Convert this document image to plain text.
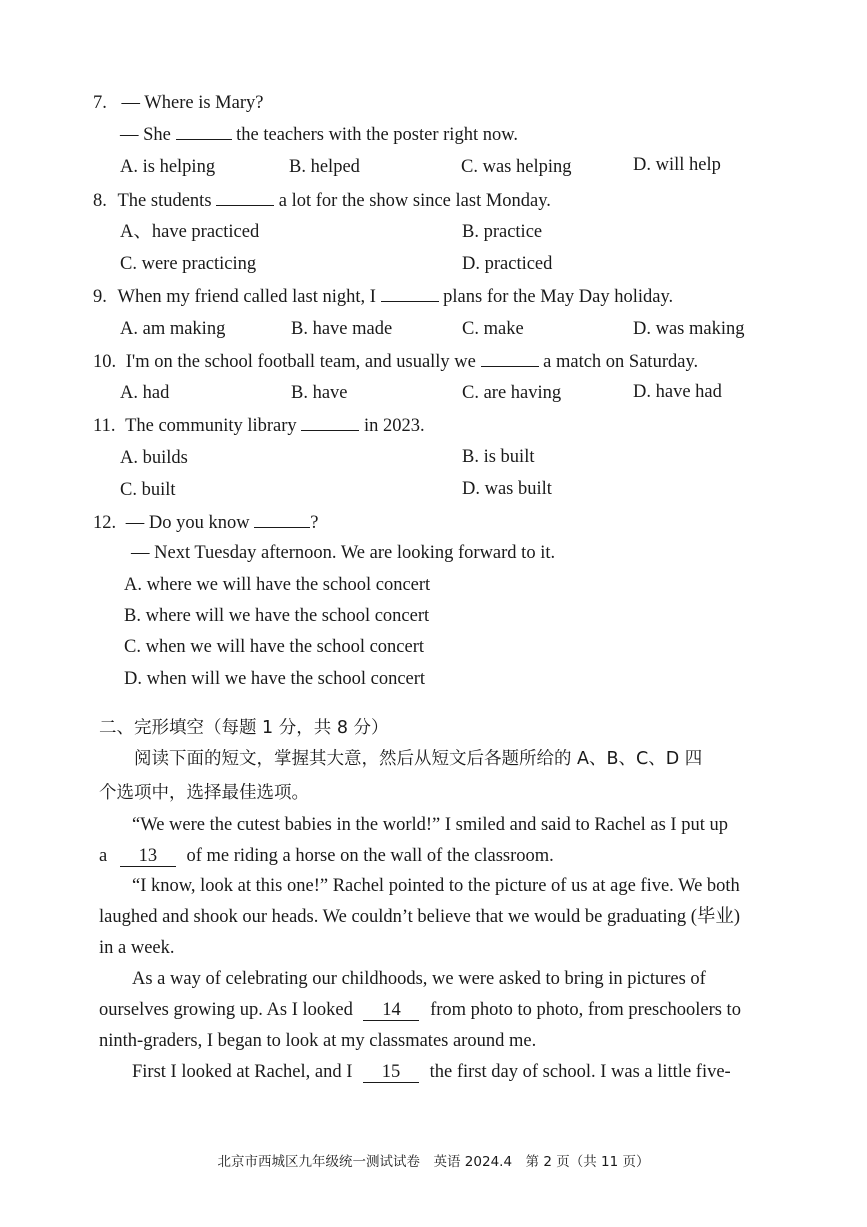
7. — Where is Mary?
— She	the teachers with the poster right now.
A. is helping	B. helped	C. was helping	D. will help
8. The students	a lot for the show since last Monday.
A、have practiced	B. practice
C. were practicing	D. practiced
9. When my friend called last night, I	plans for the May Day holiday.
A. am making	B. have made	C. make	D. was making
10. I'm on the school football team, and usually we	a match on Saturday.
A. had	B. have	C. are having	D. have had
11. The community library	in 2023.
A. builds	B. is built
C. built	D. was built
12. — Do you know	?
— Next Tuesday afternoon. We are looking forward to it.
A. where we will have the school concert
B. where will we have the school concert
C. when we will have the school concert
D. when will we have the school concert
二、完形填空（每题 1 分，共 8 分）
阅读下面的短文，掌握其大意，然后从短文后各题所给的 A、B、C、D 四
个选项中，选择最佳选项。
“We were the cutest babies in the world!” I smiled and said to Rachel as I put up
a 13 of me riding a horse on the wall of the classroom.
“I know, look at this one!” Rachel pointed to the picture of us at age five. We both
laughed and shook our heads. We couldn’t believe that we would be graduating (毕业)
in a week.
As a way of celebrating our childhoods, we were asked to bring in pictures of
ourselves growing up. As I looked 14 from photo to photo, from preschoolers to
ninth-graders, I began to look at my classmates around me.
First I looked at Rachel, and I 15 the first day of school. I was a little five-
北京市西城区九年级统一测试试卷　英语 2024.4　第 2 页（共 11 页）
